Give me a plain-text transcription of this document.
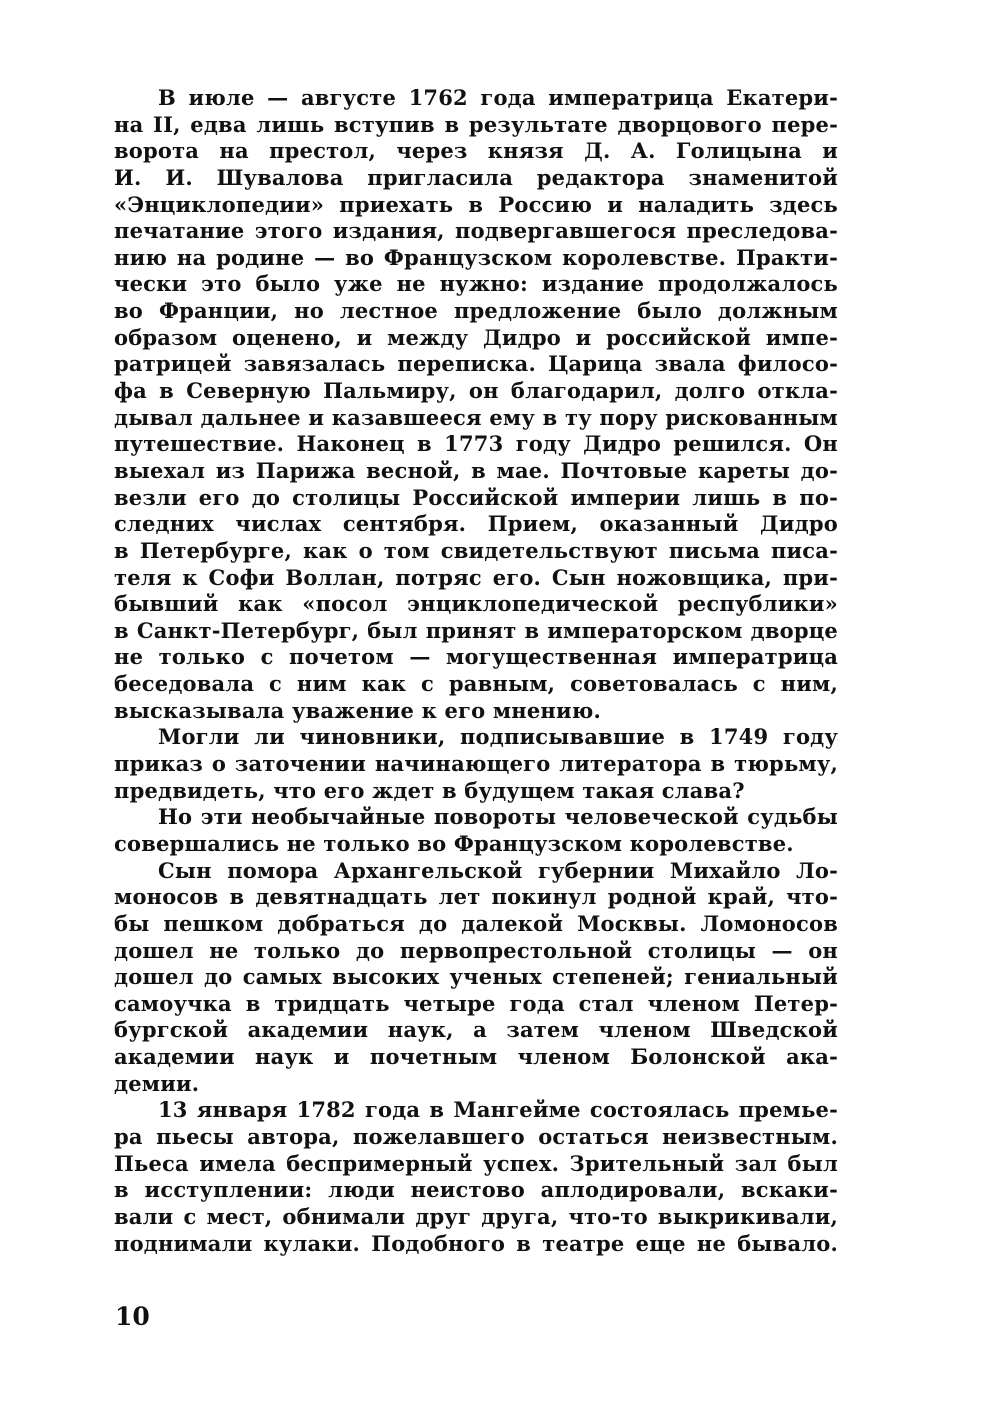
В июле — августе 1762 года императрица Екатери-
на II, едва лишь вступив в результате дворцового пере-
ворота на престол, через князя Д. А. Голицына и
И. И. Шувалова пригласила редактора знаменитой
«Энциклопедии» приехать в Россию и наладить здесь
печатание этого издания, подвергавшегося преследова-
нию на родине — во Французском королевстве. Практи-
чески это было уже не нужно: издание продолжалось
во Франции, но лестное предложение было должным
образом оценено, и между Дидро и российской импе-
ратрицей завязалась переписка. Царица звала филосо-
фа в Северную Пальмиру, он благодарил, долго откла-
дывал дальнее и казавшееся ему в ту пору рискованным
путешествие. Наконец в 1773 году Дидро решился. Он
выехал из Парижа весной, в мае. Почтовые кареты до-
везли его до столицы Российской империи лишь в по-
следних числах сентября. Прием, оказанный Дидро
в Петербурге, как о том свидетельствуют письма писа-
теля к Софи Воллан, потряс его. Сын ножовщика, при-
бывший как «посол энциклопедической республики»
в Санкт-Петербург, был принят в императорском дворце
не только с почетом — могущественная императрица
беседовала с ним как с равным, советовалась с ним,
высказывала уважение к его мнению.
Могли ли чиновники, подписывавшие в 1749 году
приказ о заточении начинающего литератора в тюрьму,
предвидеть, что его ждет в будущем такая слава?
Но эти необычайные повороты человеческой судьбы
совершались не только во Французском королевстве.
Сын помора Архангельской губернии Михайло Ло-
моносов в девятнадцать лет покинул родной край, что-
бы пешком добраться до далекой Москвы. Ломоносов
дошел не только до первопрестольной столицы — он
дошел до самых высоких ученых степеней; гениальный
самоучка в тридцать четыре года стал членом Петер-
бургской академии наук, а затем членом Шведской
академии наук и почетным членом Болонской ака-
демии.
13 января 1782 года в Мангейме состоялась премье-
ра пьесы автора, пожелавшего остаться неизвестным.
Пьеса имела беспримерный успех. Зрительный зал был
в исступлении: люди неистово аплодировали, вскаки-
вали с мест, обнимали друг друга, что-то выкрикивали,
поднимали кулаки. Подобного в театре еще не бывало.
10
